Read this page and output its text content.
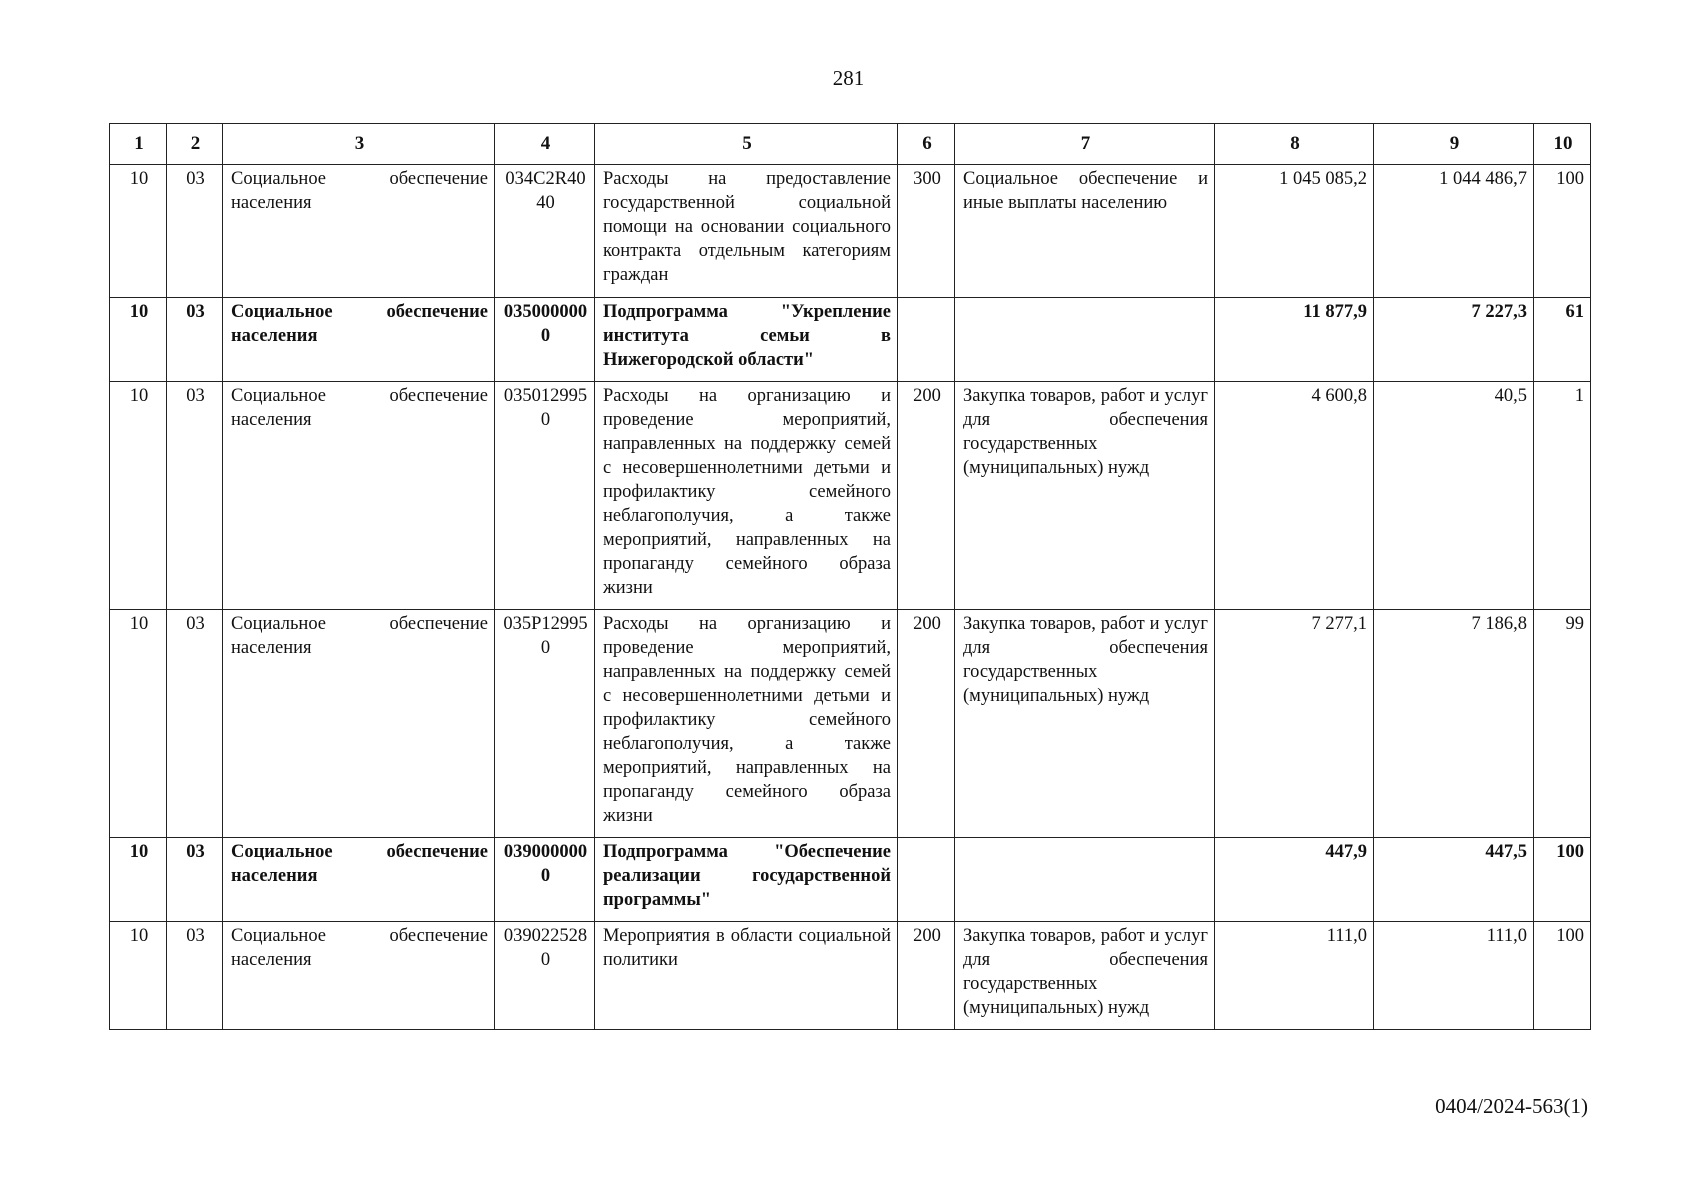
281
1	2	3	4	5	6	7	8	9	10
10	03	Социальное обеспечение населения	034C2R4040	Расходы на предоставление государственной социальной помощи на основании социального контракта отдельным категориям граждан	300	Социальное обеспечение и иные выплаты населению	1 045 085,2	1 044 486,7	100
10	03	Социальное обеспечение населения	0350000000	Подпрограмма "Укрепление института семьи в Нижегородской области"			11 877,9	7 227,3	61
10	03	Социальное обеспечение населения	0350129950	Расходы на организацию и проведение мероприятий, направленных на поддержку семей с несовершеннолетними детьми и профилактику семейного неблагополучия, а также мероприятий, направленных на пропаганду семейного образа жизни	200	Закупка товаров, работ и услуг для обеспечения государственных (муниципальных) нужд	4 600,8	40,5	1
10	03	Социальное обеспечение населения	035P129950	Расходы на организацию и проведение мероприятий, направленных на поддержку семей с несовершеннолетними детьми и профилактику семейного неблагополучия, а также мероприятий, направленных на пропаганду семейного образа жизни	200	Закупка товаров, работ и услуг для обеспечения государственных (муниципальных) нужд	7 277,1	7 186,8	99
10	03	Социальное обеспечение населения	0390000000	Подпрограмма "Обеспечение реализации государственной программы"			447,9	447,5	100
10	03	Социальное обеспечение населения	0390225280	Мероприятия в области социальной политики	200	Закупка товаров, работ и услуг для обеспечения государственных (муниципальных) нужд	111,0	111,0	100
0404/2024-563(1)
